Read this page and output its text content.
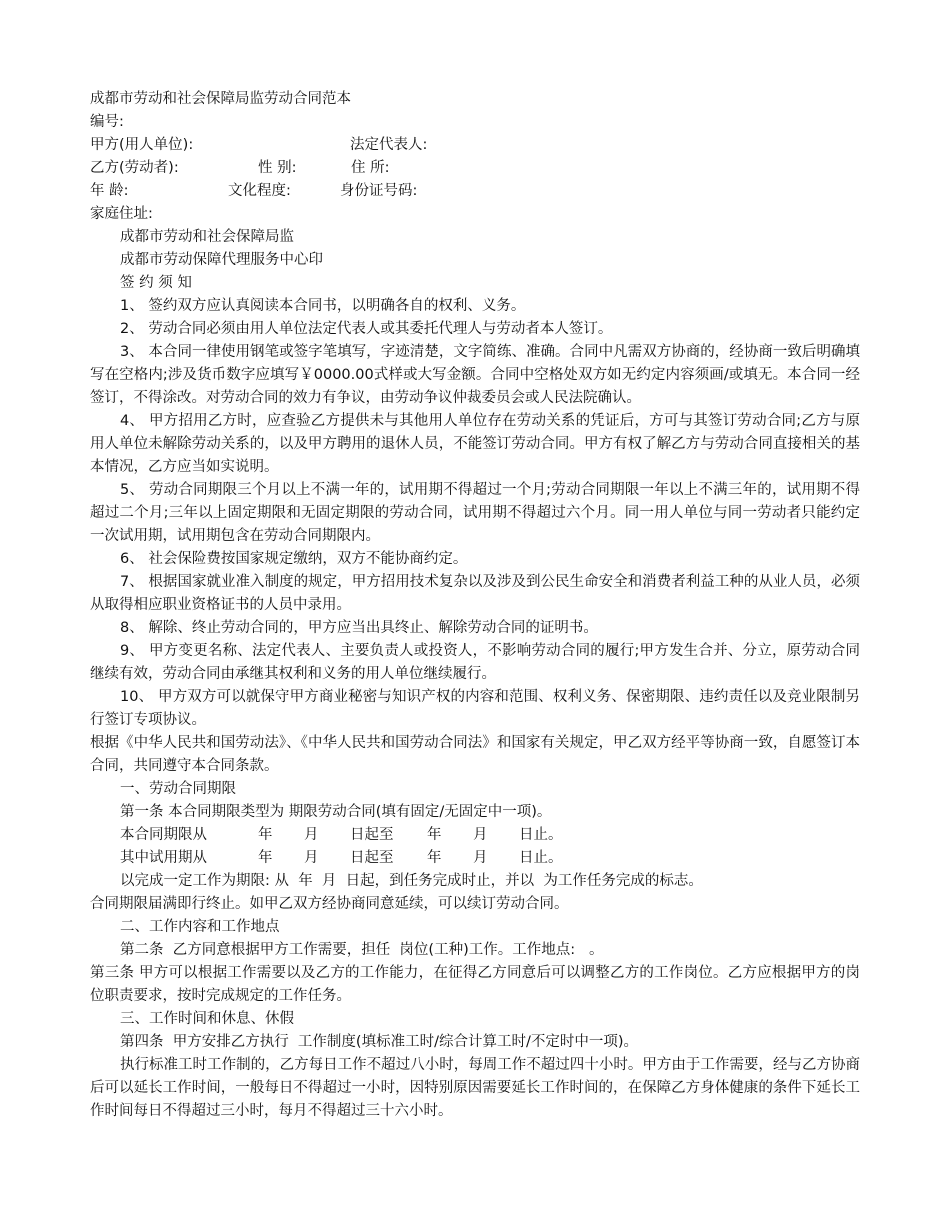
成都市劳动和社会保障局监劳动合同范本
编号:
甲方(用人单位):	法定代表人:
乙方(劳动者):	性 别:	住 所:
年 龄:	文化程度:	身份证号码:
家庭住址:
成都市劳动和社会保障局监
成都市劳动保障代理服务中心印
签 约 须 知
1、 签约双方应认真阅读本合同书，以明确各自的权利、义务。
2、 劳动合同必须由用人单位法定代表人或其委托代理人与劳动者本人签订。
3、 本合同一律使用钢笔或签字笔填写，字迹清楚，文字简练、准确。合同中凡需双方协商的，经协商一致后明确填写在空格内;涉及货币数字应填写￥0000.00式样或大写金额。合同中空格处双方如无约定内容须画/或填无。本合同一经签订，不得涂改。对劳动合同的效力有争议，由劳动争议仲裁委员会或人民法院确认。
4、 甲方招用乙方时，应查验乙方提供未与其他用人单位存在劳动关系的凭证后，方可与其签订劳动合同;乙方与原用人单位未解除劳动关系的，以及甲方聘用的退休人员，不能签订劳动合同。甲方有权了解乙方与劳动合同直接相关的基本情况，乙方应当如实说明。
5、 劳动合同期限三个月以上不满一年的，试用期不得超过一个月;劳动合同期限一年以上不满三年的，试用期不得超过二个月;三年以上固定期限和无固定期限的劳动合同，试用期不得超过六个月。同一用人单位与同一劳动者只能约定一次试用期，试用期包含在劳动合同期限内。
6、 社会保险费按国家规定缴纳，双方不能协商约定。
7、 根据国家就业准入制度的规定，甲方招用技术复杂以及涉及到公民生命安全和消费者利益工种的从业人员，必须从取得相应职业资格证书的人员中录用。
8、 解除、终止劳动合同的，甲方应当出具终止、解除劳动合同的证明书。
9、 甲方变更名称、法定代表人、主要负责人或投资人，不影响劳动合同的履行;甲方发生合并、分立，原劳动合同继续有效，劳动合同由承继其权利和义务的用人单位继续履行。
10、 甲方双方可以就保守甲方商业秘密与知识产权的内容和范围、权利义务、保密期限、违约责任以及竞业限制另行签订专项协议。
根据《中华人民共和国劳动法》、《中华人民共和国劳动合同法》和国家有关规定，甲乙双方经平等协商一致，自愿签订本合同，共同遵守本合同条款。
一、劳动合同期限
第一条 本合同期限类型为 期限劳动合同(填有固定/无固定中一项)。
本合同期限从	年	月	日起至	年	月	日止。
其中试用期从	年	月	日起至	年	月	日止。
以完成一定工作为期限: 从  年  月  日起，到任务完成时止，并以  为工作任务完成的标志。
合同期限届满即行终止。如甲乙双方经协商同意延续，可以续订劳动合同。
二、工作内容和工作地点
第二条  乙方同意根据甲方工作需要，担任  岗位(工种)工作。工作地点:   。
第三条 甲方可以根据工作需要以及乙方的工作能力，在征得乙方同意后可以调整乙方的工作岗位。乙方应根据甲方的岗位职责要求，按时完成规定的工作任务。
三、工作时间和休息、休假
第四条  甲方安排乙方执行  工作制度(填标准工时/综合计算工时/不定时中一项)。
执行标准工时工作制的，乙方每日工作不超过八小时，每周工作不超过四十小时。甲方由于工作需要，经与乙方协商后可以延长工作时间，一般每日不得超过一小时，因特别原因需要延长工作时间的，在保障乙方身体健康的条件下延长工作时间每日不得超过三小时，每月不得超过三十六小时。
